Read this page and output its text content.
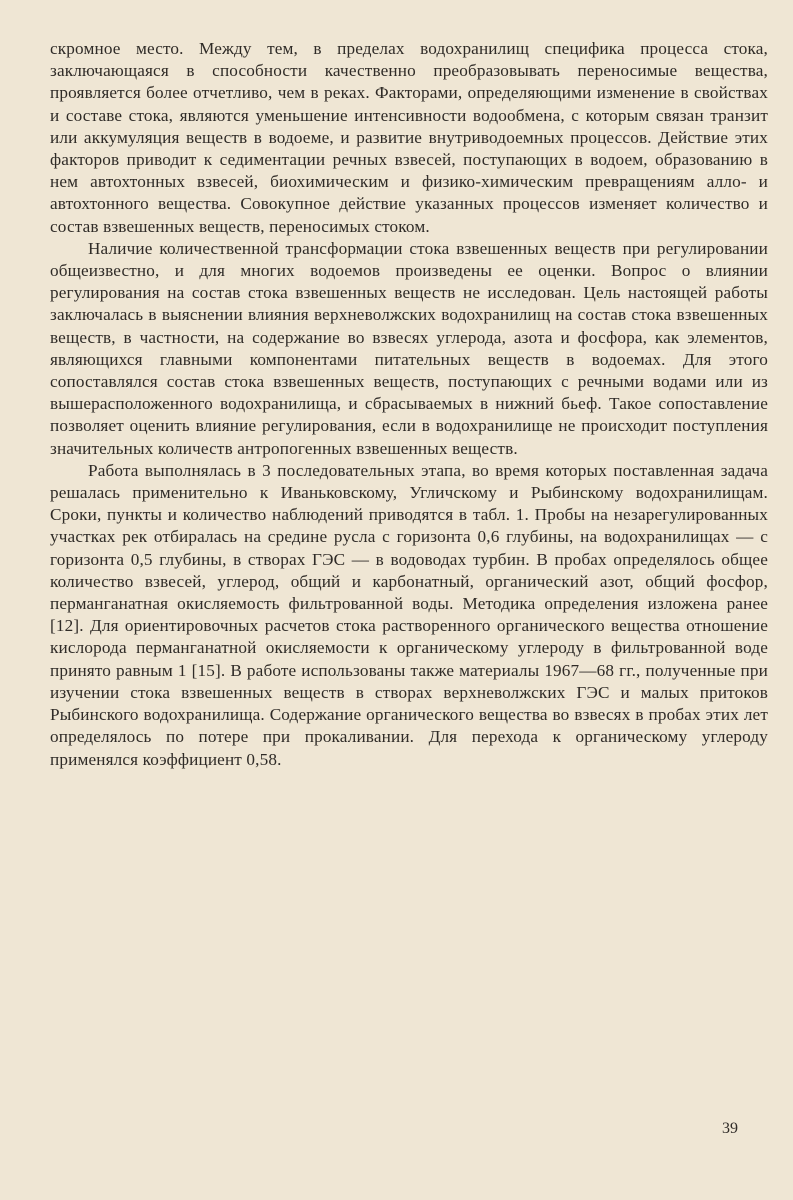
скромное место. Между тем, в пределах водохранилищ специфика процесса стока, заключающаяся в способности качественно преобразовывать переносимые вещества, проявляется более отчетливо, чем в реках. Факторами, определяющими изменение в свойствах и составе стока, являются уменьшение интенсивности водообмена, с которым связан транзит или аккумуляция веществ в водоеме, и развитие внутриводоемных процессов. Действие этих факторов приводит к седиментации речных взвесей, поступающих в водоем, образованию в нем автохтонных взвесей, биохимическим и физико-химическим превращениям алло- и автохтонного вещества. Совокупное действие указанных процессов изменяет количество и состав взвешенных веществ, переносимых стоком.

Наличие количественной трансформации стока взвешенных веществ при регулировании общеизвестно, и для многих водоемов произведены ее оценки. Вопрос о влиянии регулирования на состав стока взвешенных веществ не исследован. Цель настоящей работы заключалась в выяснении влияния верхневолжских водохранилищ на состав стока взвешенных веществ, в частности, на содержание во взвесях углерода, азота и фосфора, как элементов, являющихся главными компонентами питательных веществ в водоемах. Для этого сопоставлялся состав стока взвешенных веществ, поступающих с речными водами или из вышерасположенного водохранилища, и сбрасываемых в нижний бьеф. Такое сопоставление позволяет оценить влияние регулирования, если в водохранилище не происходит поступления значительных количеств антропогенных взвешенных веществ.

Работа выполнялась в 3 последовательных этапа, во время которых поставленная задача решалась применительно к Иваньковскому, Угличскому и Рыбинскому водохранилищам. Сроки, пункты и количество наблюдений приводятся в табл. 1. Пробы на незарегулированных участках рек отбиралась на средине русла с горизонта 0,6 глубины, на водохранилищах — с горизонта 0,5 глубины, в створах ГЭС — в водоводах турбин. В пробах определялось общее количество взвесей, углерод, общий и карбонатный, органический азот, общий фосфор, перманганатная окисляемость фильтрованной воды. Методика определения изложена ранее [12]. Для ориентировочных расчетов стока растворенного органического вещества отношение кислорода перманганатной окисляемости к органическому углероду в фильтрованной воде принято равным 1 [15]. В работе использованы также материалы 1967—68 гг., полученные при изучении стока взвешенных веществ в створах верхневолжских ГЭС и малых притоков Рыбинского водохранилища. Содержание органического вещества во взвесях в пробах этих лет определялось по потере при прокаливании. Для перехода к органическому углероду применялся коэффициент 0,58.

39
